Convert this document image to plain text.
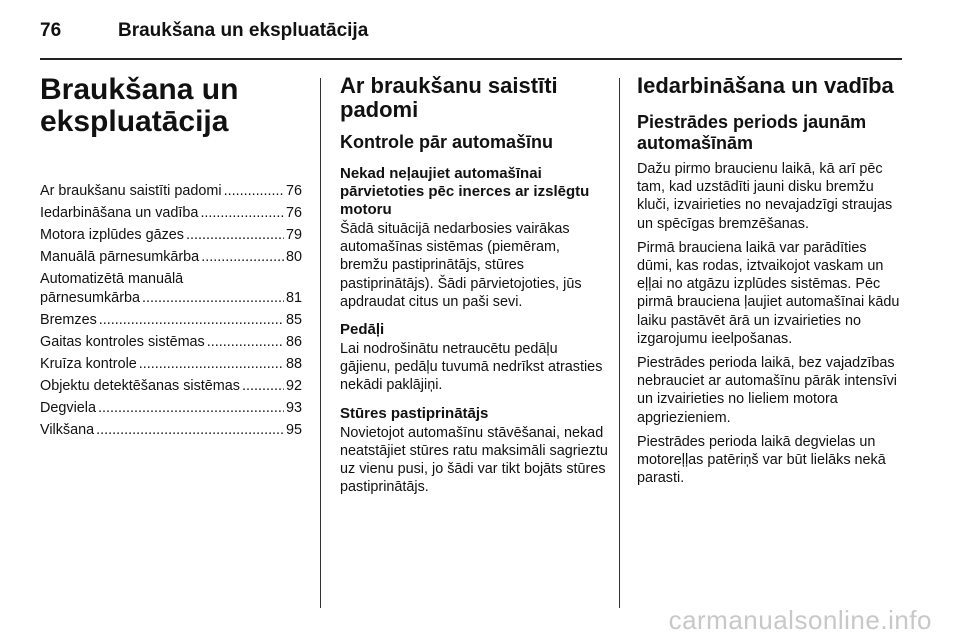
76	Braukšana un ekspluatācija
Braukšana un ekspluatācija
Ar braukšanu saistīti padomi .....	76
Iedarbināšana un vadība .....	76
Motora izplūdes gāzes .....	79
Manuālā pārnesumkārba .....	80
Automatizētā manuālā
pārnesumkārba .....	81
Bremzes .....	85
Gaitas kontroles sistēmas .....	86
Kruīza kontrole .....	88
Objektu detektēšanas sistēmas .....	92
Degviela .....	93
Vilkšana .....	95
Ar braukšanu saistīti padomi
Kontrole pār automašīnu
Nekad neļaujiet automašīnai pārvietoties pēc inerces ar izslēgtu motoru
Šādā situācijā nedarbosies vairākas automašīnas sistēmas (piemēram, bremžu pastiprinātājs, stūres pastiprinātājs). Šādi pārvietojoties, jūs apdraudat citus un paši sevi.
Pedāļi
Lai nodrošinātu netraucētu pedāļu gājienu, pedāļu tuvumā nedrīkst atrasties nekādi paklājiņi.
Stūres pastiprinātājs
Novietojot automašīnu stāvēšanai, nekad neatstājiet stūres ratu maksimāli sagrieztu uz vienu pusi, jo šādi var tikt bojāts stūres pastiprinātājs.
Iedarbināšana un vadība
Piestrādes periods jaunām automašīnām
Dažu pirmo braucienu laikā, kā arī pēc tam, kad uzstādīti jauni disku bremžu kluči, izvairieties no nevajadzīgi straujas un spēcīgas bremzēšanas.
Pirmā brauciena laikā var parādīties dūmi, kas rodas, iztvaikojot vaskam un eļļai no atgāzu izplūdes sistēmas. Pēc pirmā brauciena ļaujiet automašīnai kādu laiku pastāvēt ārā un izvairieties no izgarojumu ieelpošanas.
Piestrādes perioda laikā, bez vajadzības nebrauciet ar automašīnu pārāk intensīvi un izvairieties no lieliem motora apgriezieniem.
Piestrādes perioda laikā degvielas un motoreļļas patēriņš var būt lielāks nekā parasti.
carmanualsonline.info
